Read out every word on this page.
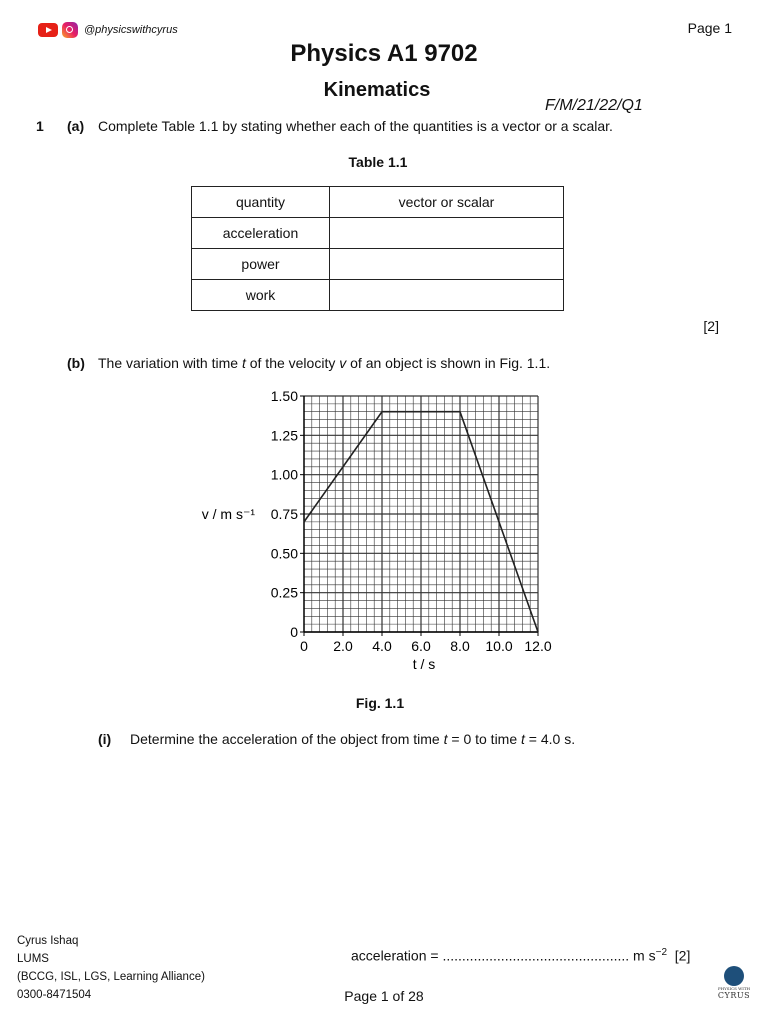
@physicswithcyrus	Page 1
Physics A1 9702
Kinematics
F/M/21/22/Q1
1 (a) Complete Table 1.1 by stating whether each of the quantities is a vector or a scalar.
Table 1.1
quantity	vector or scalar
acceleration	
power	
work	
[2]
(b) The variation with time t of the velocity v of an object is shown in Fig. 1.1.
0 2.0 4.0 6.0 8.0 10.0 12.0
0
0.25
0.50
0.75
1.00
1.25
1.50
v / m s⁻¹
t / s
Fig. 1.1
(i) Determine the acceleration of the object from time t = 0 to time t = 4.0 s.
acceleration = ................................................ m $s^{-2}$ [2]
Cyrus Ishaq
LUMS
(BCCG, ISL, LGS, Learning Alliance)
0300-8471504	Page 1 of 28	PHYSICS WITH
CYRUS
